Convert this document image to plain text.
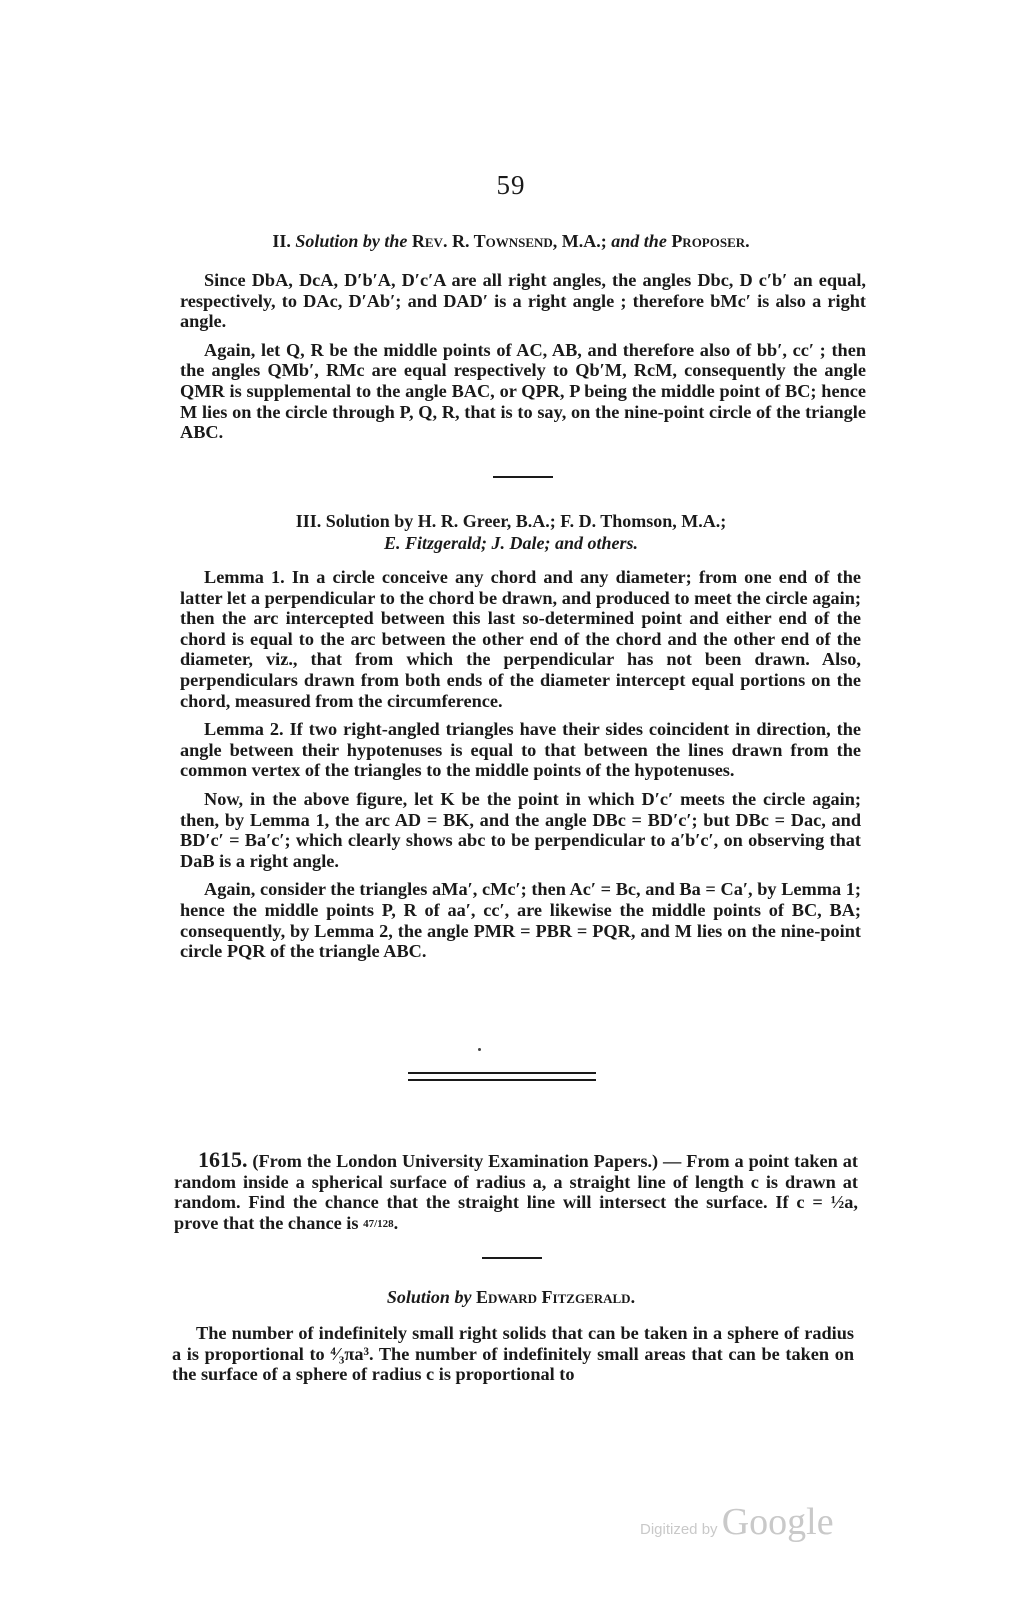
59
II. Solution by the Rev. R. Townsend, M.A.; and the Proposer.

Since DbA, DcA, D′b′A, D′c′A are all right angles, the angles Dbc, D c′b′ an equal, respectively, to DAc, D′Ab′; and DAD′ is a right angle ; therefore bMc′ is also a right angle.

Again, let Q, R be the middle points of AC, AB, and therefore also of bb′, cc′ ; then the angles QMb′, RMc are equal respectively to Qb′M, RcM, consequently the angle QMR is supplemental to the angle BAC, or QPR, P being the middle point of BC; hence M lies on the circle through P, Q, R, that is to say, on the nine-point circle of the triangle ABC.

III. Solution by H. R. Greer, B.A.; F. D. Thomson, M.A.;
E. Fitzgerald; J. Dale; and others.

Lemma 1. In a circle conceive any chord and any diameter; from one end of the latter let a perpendicular to the chord be drawn, and produced to meet the circle again; then the arc intercepted between this last so-determined point and either end of the chord is equal to the arc between the other end of the chord and the other end of the diameter, viz., that from which the perpendicular has not been drawn. Also, perpendiculars drawn from both ends of the diameter intercept equal portions on the chord, measured from the circumference.

Lemma 2. If two right-angled triangles have their sides coincident in direction, the angle between their hypotenuses is equal to that between the lines drawn from the common vertex of the triangles to the middle points of the hypotenuses.

Now, in the above figure, let K be the point in which D′c′ meets the circle again; then, by Lemma 1, the arc AD = BK, and the angle DBc = BD′c′; but DBc = Dac, and BD′c′ = Ba′c′; which clearly shows abc to be perpendicular to a′b′c′, on observing that DaB is a right angle.

Again, consider the triangles aMa′, cMc′; then Ac′ = Bc, and Ba = Ca′, by Lemma 1; hence the middle points P, R of aa′, cc′, are likewise the middle points of BC, BA; consequently, by Lemma 2, the angle PMR = PBR = PQR, and M lies on the nine-point circle PQR of the triangle ABC.

1615. (From the London University Examination Papers.) — From a point taken at random inside a spherical surface of radius a, a straight line of length c is drawn at random. Find the chance that the straight line will intersect the surface. If c = ½a, prove that the chance is 47/128.

Solution by Edward Fitzgerald.

The number of indefinitely small right solids that can be taken in a sphere of radius a is proportional to ⁴⁄₃πa³. The number of indefinitely small areas that can be taken on the surface of a sphere of radius c is proportional to

Digitized by Google
